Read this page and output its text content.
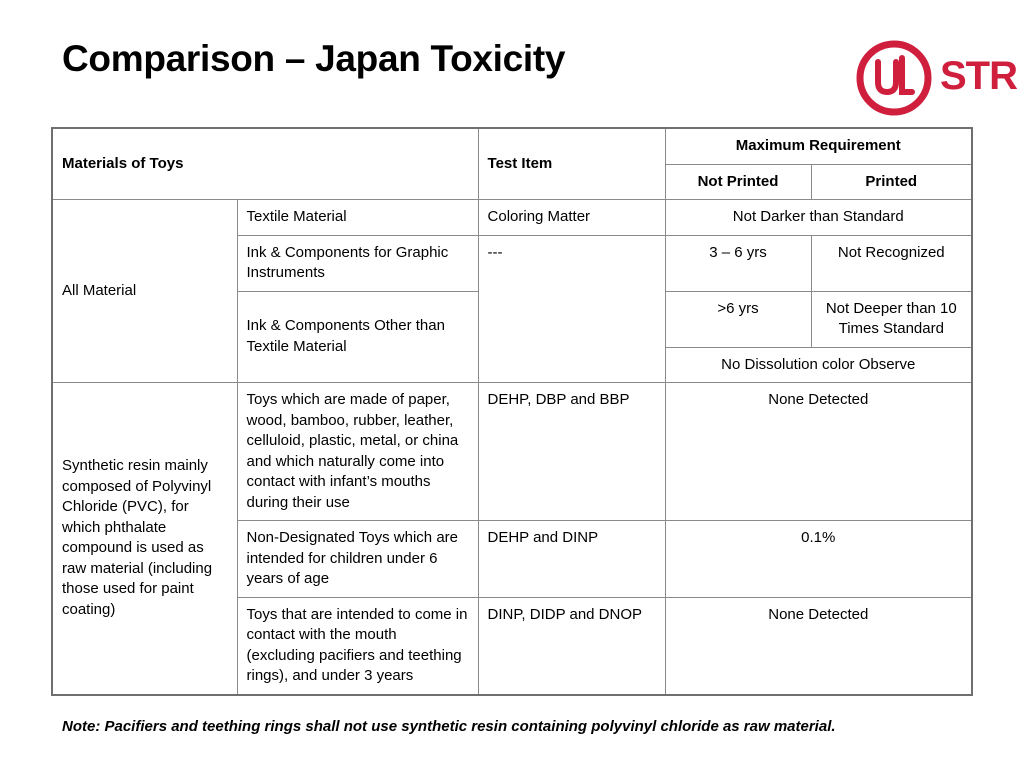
Comparison – Japan Toxicity	STR
Materials of Toys		Test Item	Maximum Requirement	
			Not Printed	Printed
All Material	Textile Material	Coloring Matter	Not Darker than Standard	
	Ink & Components for Graphic Instruments	---	3 – 6 yrs	Not Recognized
	Ink & Components Other than Textile Material		>6 yrs	Not Deeper than 10 Times Standard
			No Dissolution color Observe	
Synthetic resin mainly composed of Polyvinyl Chloride (PVC), for which phthalate compound is used as raw material (including those used for paint coating)	Toys which are made of paper, wood, bamboo, rubber, leather, celluloid, plastic, metal, or china and which naturally come into contact with infant’s mouths during their use	DEHP, DBP and BBP	None Detected	
	Non-Designated Toys which are intended for children under 6 years of age	DEHP and DINP	0.1%	
	Toys that are intended to come in contact with the mouth (excluding pacifiers and teething rings), and under 3 years	DINP, DIDP and DNOP	None Detected	
Note: Pacifiers and teething rings shall not use synthetic resin containing polyvinyl chloride as raw material.
